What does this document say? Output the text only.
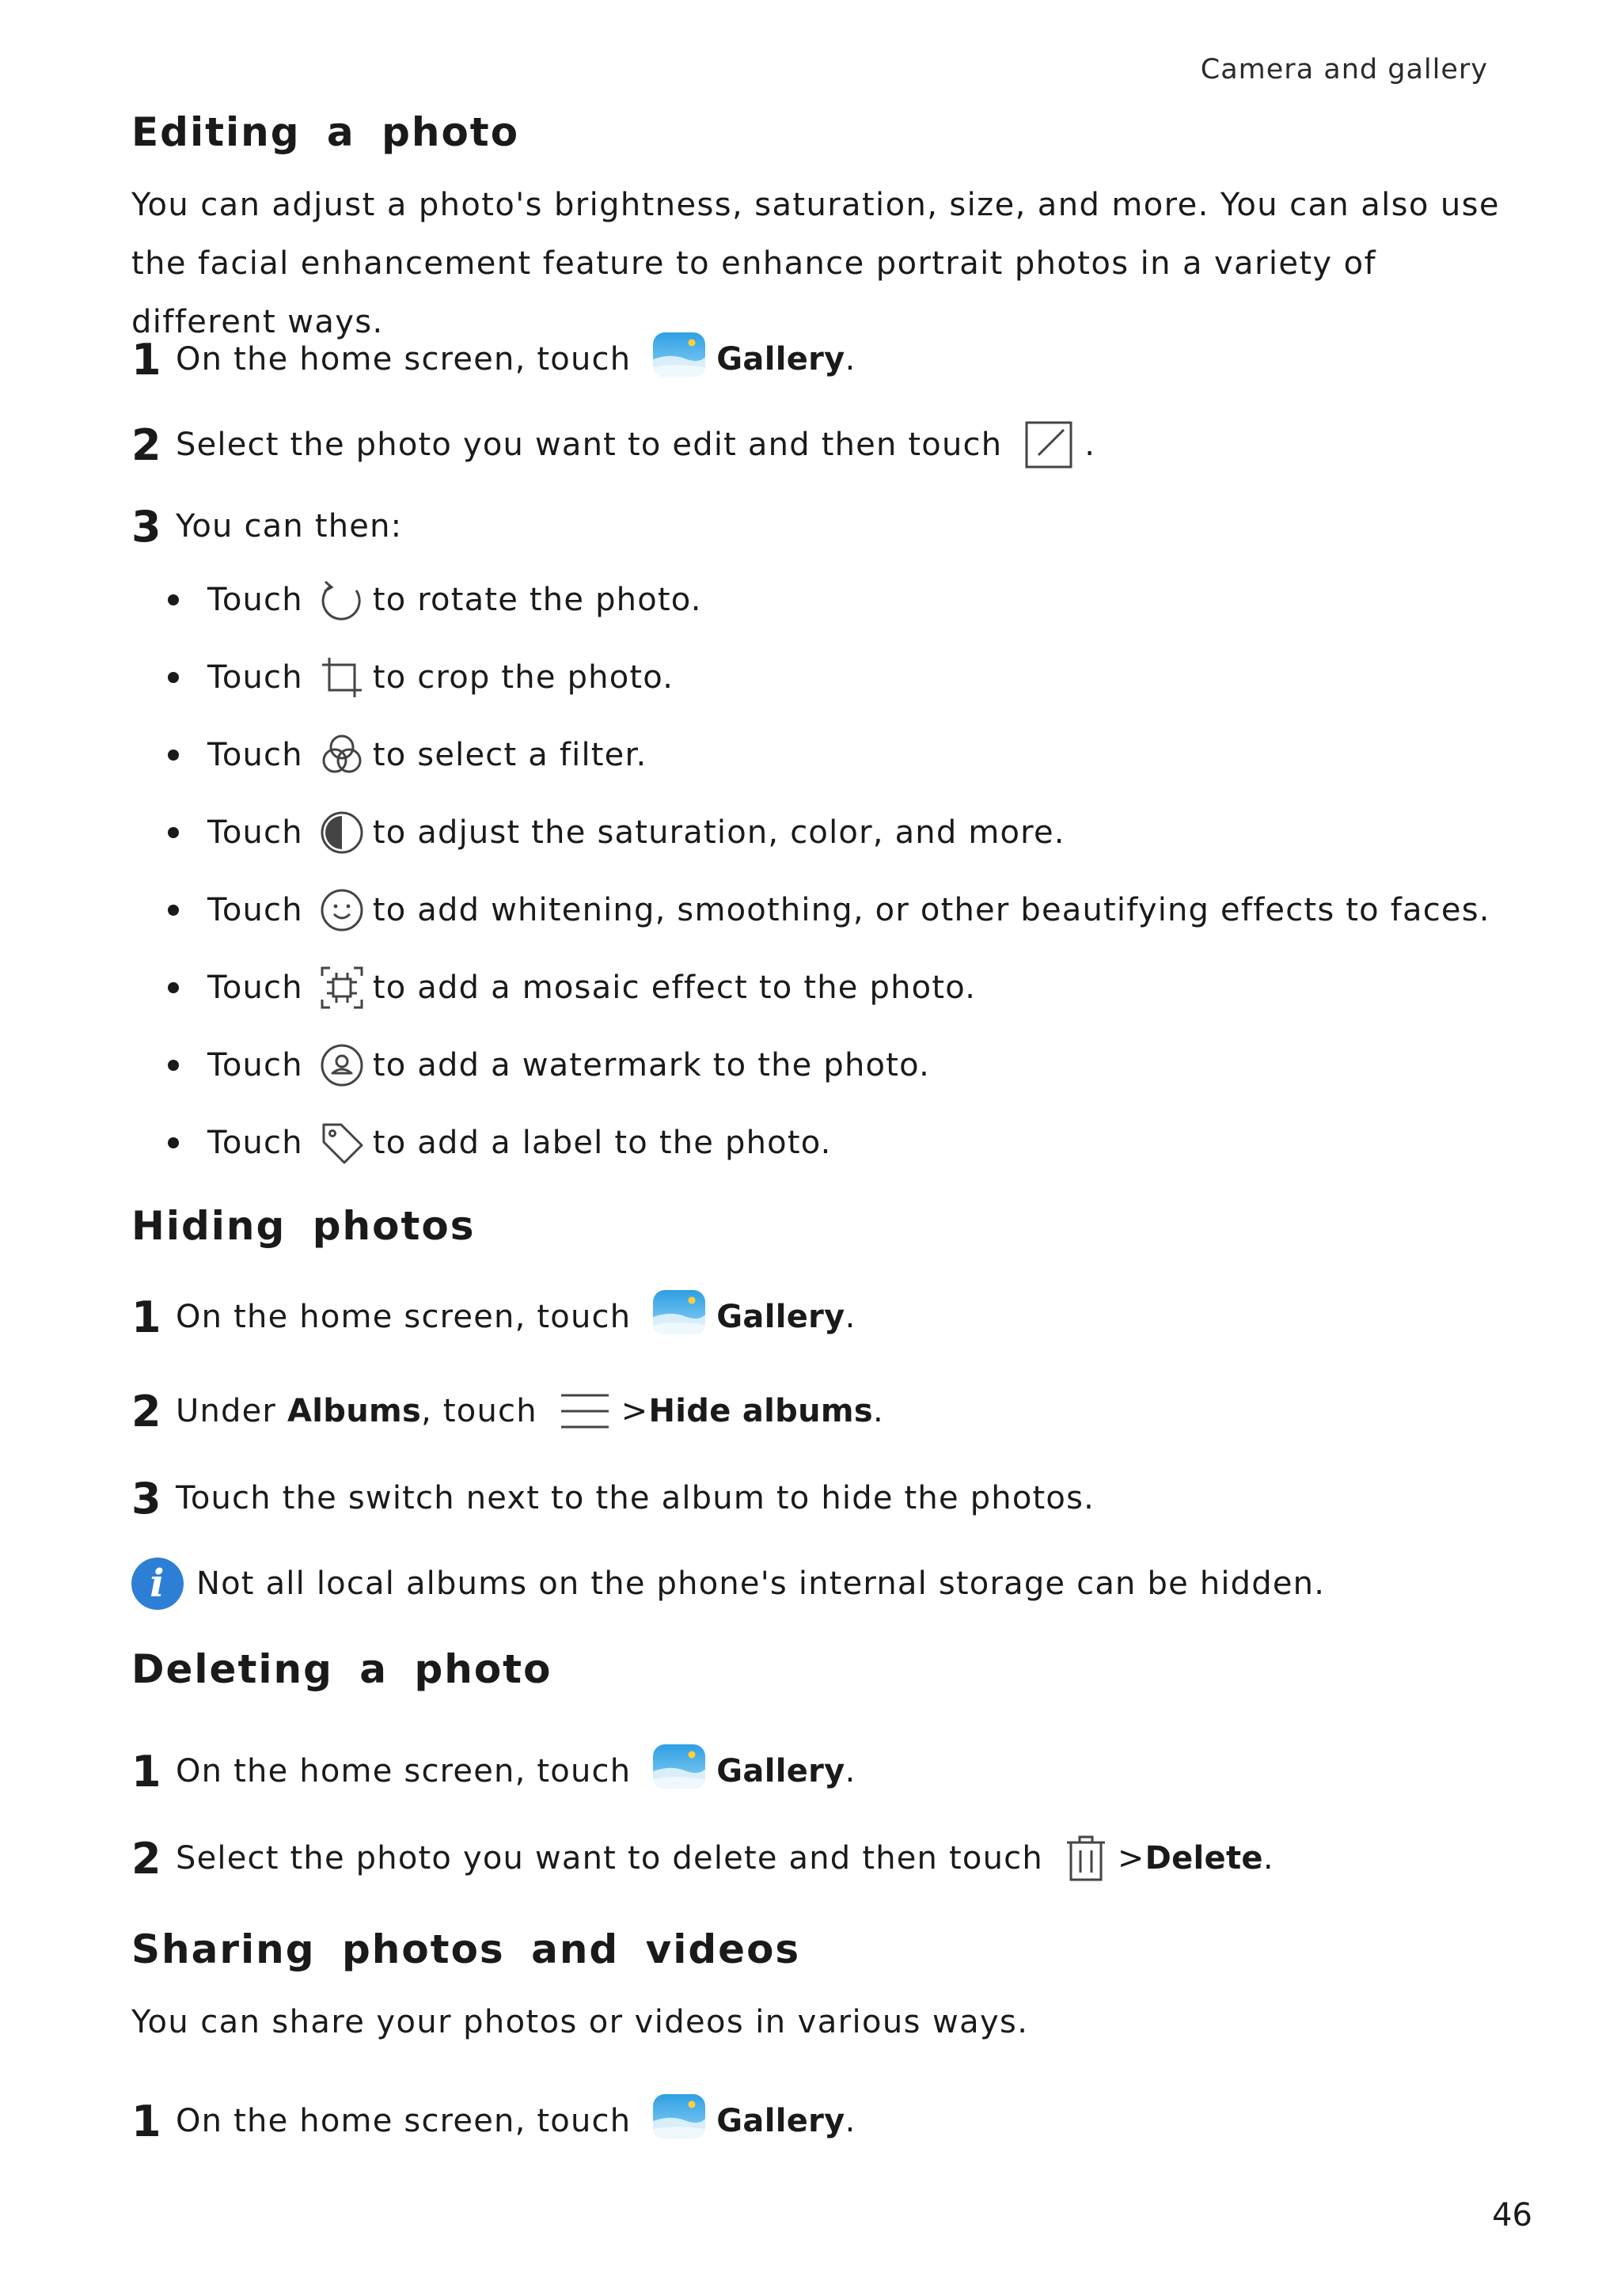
Camera and gallery
Editing a photo
You can adjust a photo's brightness, saturation, size, and more. You can also use the facial enhancement feature to enhance portrait photos in a variety of different ways.
1 On the home screen, touch	Gallery .
2 Select the photo you want to edit and then touch	.
3 You can then:
Touch to rotate the photo.
Touch to crop the photo.
Touch to select a filter.
Touch to adjust the saturation, color, and more.
Touch to add whitening, smoothing, or other beautifying effects to faces.
Touch to add a mosaic effect to the photo.
Touch to add a watermark to the photo.
Touch to add a label to the photo.
Hiding photos
1 On the home screen, touch	Gallery .
2 Under
Albums , touch	> Hide albums .
3 Touch the switch next to the album to hide the photos.
i Not all local albums on the phone's internal storage can be hidden.
Deleting a photo
1 On the home screen, touch	Gallery .
2 Select the photo you want to delete and then touch > Delete .
Sharing photos and videos
You can share your photos or videos in various ways.
1 On the home screen, touch	Gallery .
46
